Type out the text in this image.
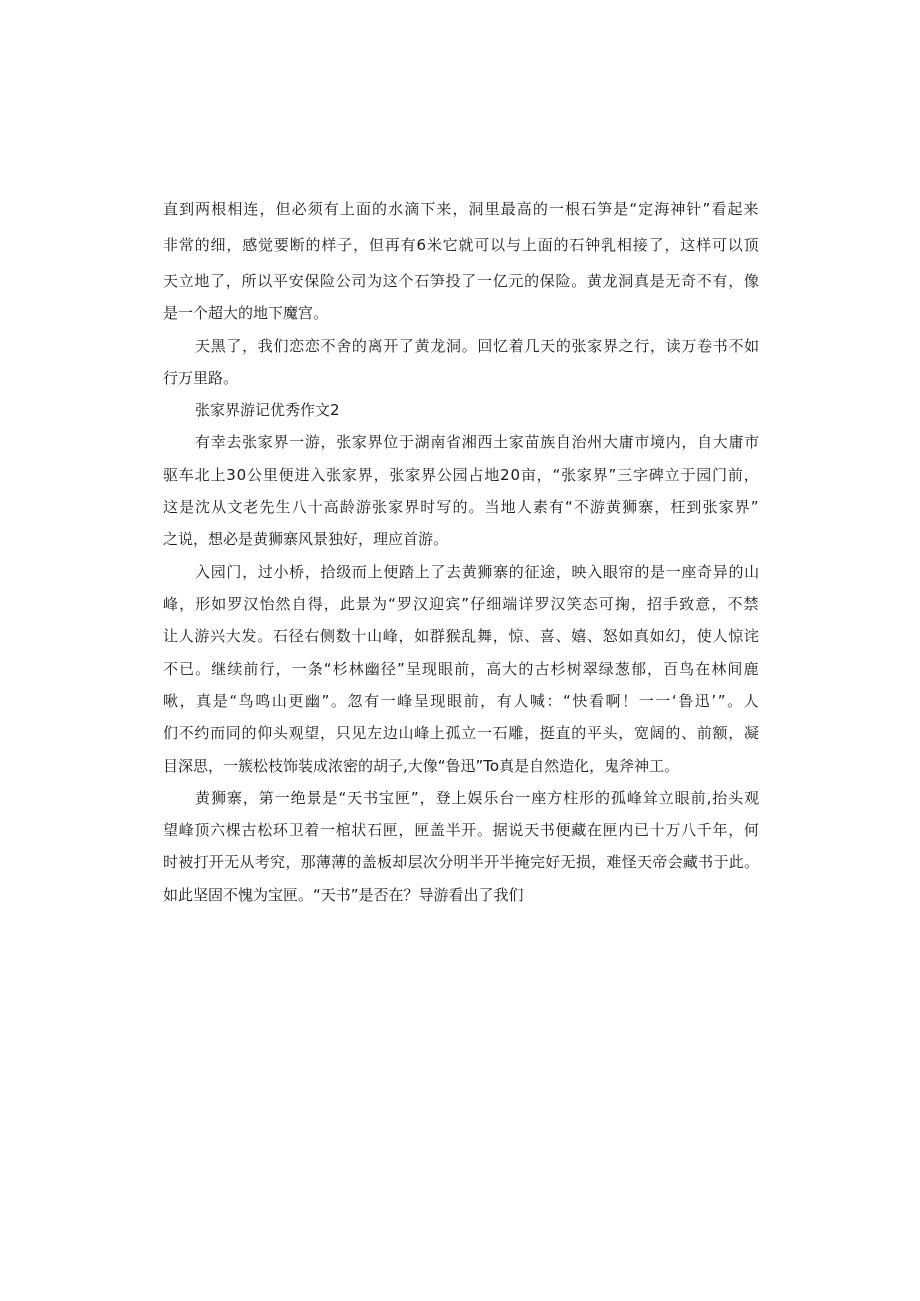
直到两根相连，但必须有上面的水滴下来，洞里最高的一根石笋是“定海神针”看起来
非常的细，感觉要断的样子，但再有6米它就可以与上面的石钟乳相接了，这样可以顶
天立地了，所以平安保险公司为这个石笋投了一亿元的保险。黄龙洞真是无奇不有，像
是一个超大的地下魔宫。
天黑了，我们恋恋不舍的离开了黄龙洞。回忆着几天的张家界之行，读万卷书不如
行万里路。
张家界游记优秀作文2
有幸去张家界一游，张家界位于湖南省湘西土家苗族自治州大庸市境内，自大庸市
驱车北上30公里便进入张家界，张家界公园占地20亩，“张家界”三字碑立于园门前，
这是沈从文老先生八十高龄游张家界时写的。当地人素有“不游黄狮寨，枉到张家界”
之说，想必是黄狮寨风景独好，理应首游。
入园门，过小桥，拾级而上便踏上了去黄狮寨的征途，映入眼帘的是一座奇异的山
峰，形如罗汉怡然自得，此景为“罗汉迎宾”仔细端详罗汉笑态可掬，招手致意，不禁
让人游兴大发。石径右侧数十山峰，如群猴乱舞，惊、喜、嬉、怒如真如幻，使人惊诧
不已。继续前行，一条“杉林幽径”呈现眼前，高大的古杉树翠绿葱郁，百鸟在林间鹿
啾，真是“鸟鸣山更幽”。忽有一峰呈现眼前，有人喊：“快看啊！一一‘鲁迅’”。人
们不约而同的仰头观望，只见左边山峰上孤立一石雕，挺直的平头，宽阔的、前额，凝
目深思，一簇松枝饰装成浓密的胡子,大像“鲁迅”To真是自然造化，鬼斧神工。
黄狮寨，第一绝景是“天书宝匣”，登上娱乐台一座方柱形的孤峰耸立眼前,抬头观
望峰顶六棵古松环卫着一棺状石匣，匣盖半开。据说天书便藏在匣内已十万八千年，何
时被打开无从考究，那薄薄的盖板却层次分明半开半掩完好无损，难怪天帝会藏书于此。
如此坚固不愧为宝匣。“天书”是否在？导游看出了我们
